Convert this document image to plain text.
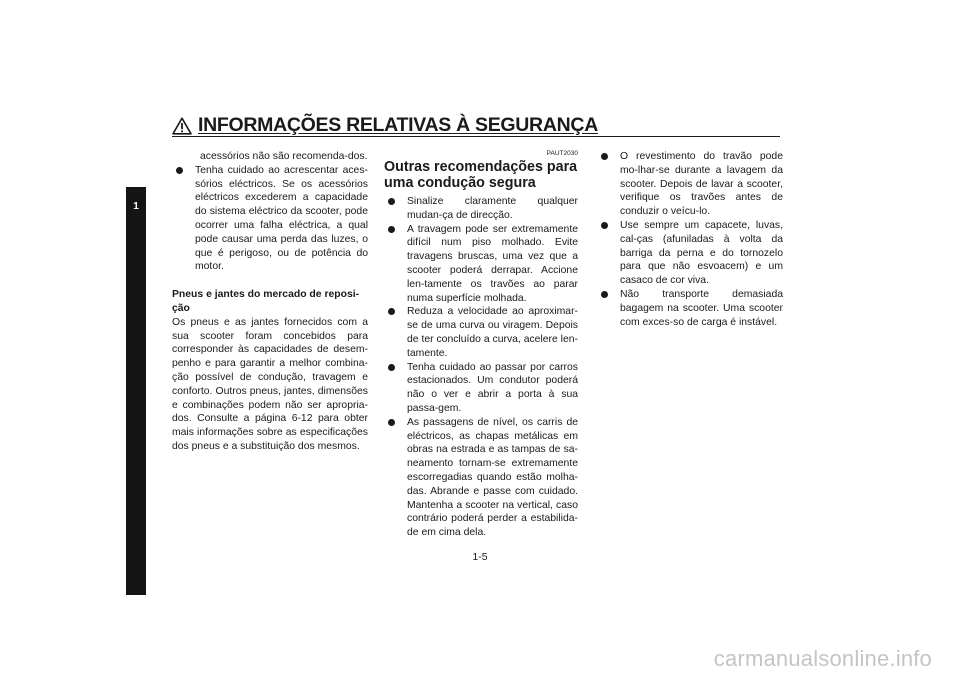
INFORMAÇÕES RELATIVAS À SEGURANÇA
1
acessórios não são recomenda-dos.
Tenha cuidado ao acrescentar aces-sórios eléctricos. Se os acessórios eléctricos excederem a capacidade do sistema eléctrico da scooter, pode ocorrer uma falha eléctrica, a qual pode causar uma perda das luzes, o que é perigoso, ou de potência do motor.
Pneus e jantes do mercado de reposi-ção
Os pneus e as jantes fornecidos com a sua scooter foram concebidos para corresponder às capacidades de desem-penho e para garantir a melhor combina-ção possível de condução, travagem e conforto. Outros pneus, jantes, dimensões e combinações podem não ser apropria-dos. Consulte a página 6-12 para obter mais informações sobre as especificações dos pneus e a substituição dos mesmos.
PAUT2030
Outras recomendações para uma condução segura
Sinalize claramente qualquer mudan-ça de direcção.
A travagem pode ser extremamente difícil num piso molhado. Evite travagens bruscas, uma vez que a scooter poderá derrapar. Accione len-tamente os travões ao parar numa superfície molhada.
Reduza a velocidade ao aproximar-se de uma curva ou viragem. Depois de ter concluído a curva, acelere len-tamente.
Tenha cuidado ao passar por carros estacionados. Um condutor poderá não o ver e abrir a porta à sua passa-gem.
As passagens de nível, os carris de eléctricos, as chapas metálicas em obras na estrada e as tampas de sa-neamento tornam-se extremamente escorregadias quando estão molha-das. Abrande e passe com cuidado. Mantenha a scooter na vertical, caso contrário poderá perder a estabilida-de em cima dela.
O revestimento do travão pode mo-lhar-se durante a lavagem da scooter. Depois de lavar a scooter, verifique os travões antes de conduzir o veícu-lo.
Use sempre um capacete, luvas, cal-ças (afuniladas à volta da barriga da perna e do tornozelo para que não esvoacem) e um casaco de cor viva.
Não transporte demasiada bagagem na scooter. Uma scooter com exces-so de carga é instável.
1-5
carmanualsonline.info
